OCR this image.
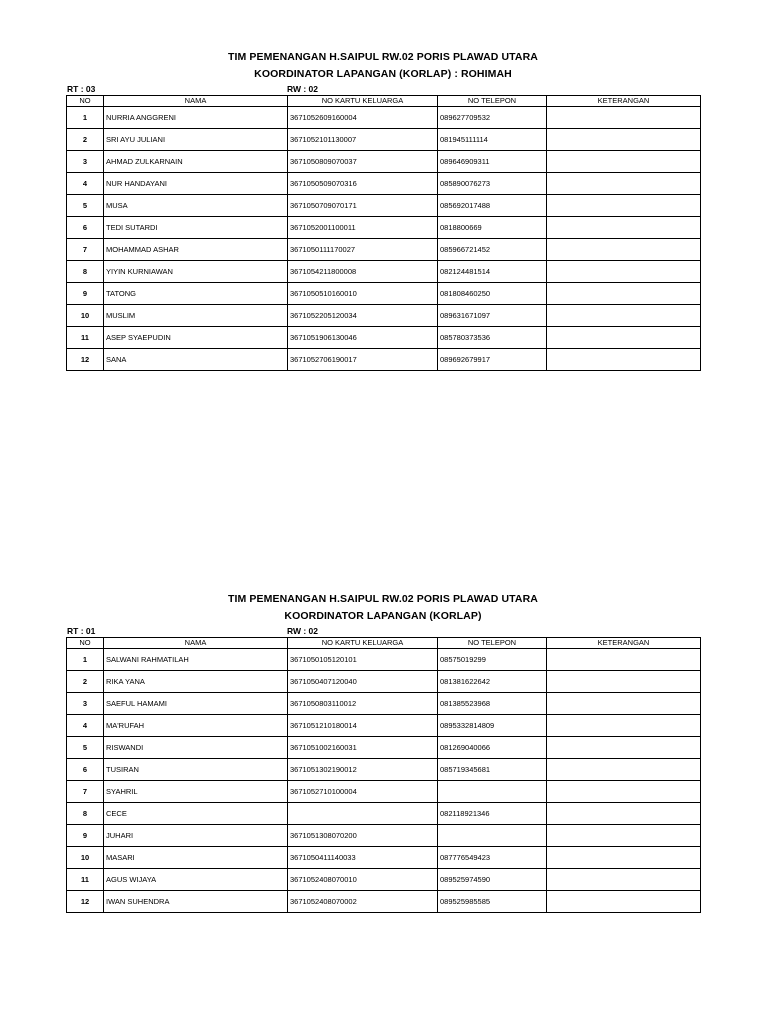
TIM PEMENANGAN H.SAIPUL RW.02 PORIS PLAWAD UTARA
KOORDINATOR LAPANGAN (KORLAP) : ROHIMAH
RT : 03	RW : 02
NO	NAMA	NO KARTU KELUARGA	NO TELEPON	KETERANGAN
1	NURRIA ANGGRENI	3671052609160004	089627709532	
2	SRI AYU JULIANI	3671052101130007	081945111114	
3	AHMAD ZULKARNAIN	3671050809070037	089646909311	
4	NUR HANDAYANI	3671050509070316	085890076273	
5	MUSA	3671050709070171	085692017488	
6	TEDI SUTARDI	3671052001100011	0818800669	
7	MOHAMMAD ASHAR	3671050111170027	085966721452	
8	YIYIN KURNIAWAN	3671054211800008	082124481514	
9	TATONG	3671050510160010	081808460250	
10	MUSLIM	3671052205120034	089631671097	
11	ASEP SYAEPUDIN	3671051906130046	085780373536	
12	SANA	3671052706190017	089692679917	
TIM PEMENANGAN H.SAIPUL RW.02 PORIS PLAWAD UTARA
KOORDINATOR LAPANGAN (KORLAP)
RT : 01	RW : 02
NO	NAMA	NO KARTU KELUARGA	NO TELEPON	KETERANGAN
1	SALWANI RAHMATILAH	3671050105120101	08575019299	
2	RIKA YANA	3671050407120040	081381622642	
3	SAEFUL HAMAMI	3671050803110012	081385523968	
4	MA'RUFAH	3671051210180014	0895332814809	
5	RISWANDI	3671051002160031	081269040066	
6	TUSIRAN	3671051302190012	085719345681	
7	SYAHRIL	3671052710100004		
8	CECE		082118921346	
9	JUHARI	3671051308070200		
10	MASARI	3671050411140033	087776549423	
11	AGUS WIJAYA	3671052408070010	089525974590	
12	IWAN SUHENDRA	3671052408070002	089525985585	
